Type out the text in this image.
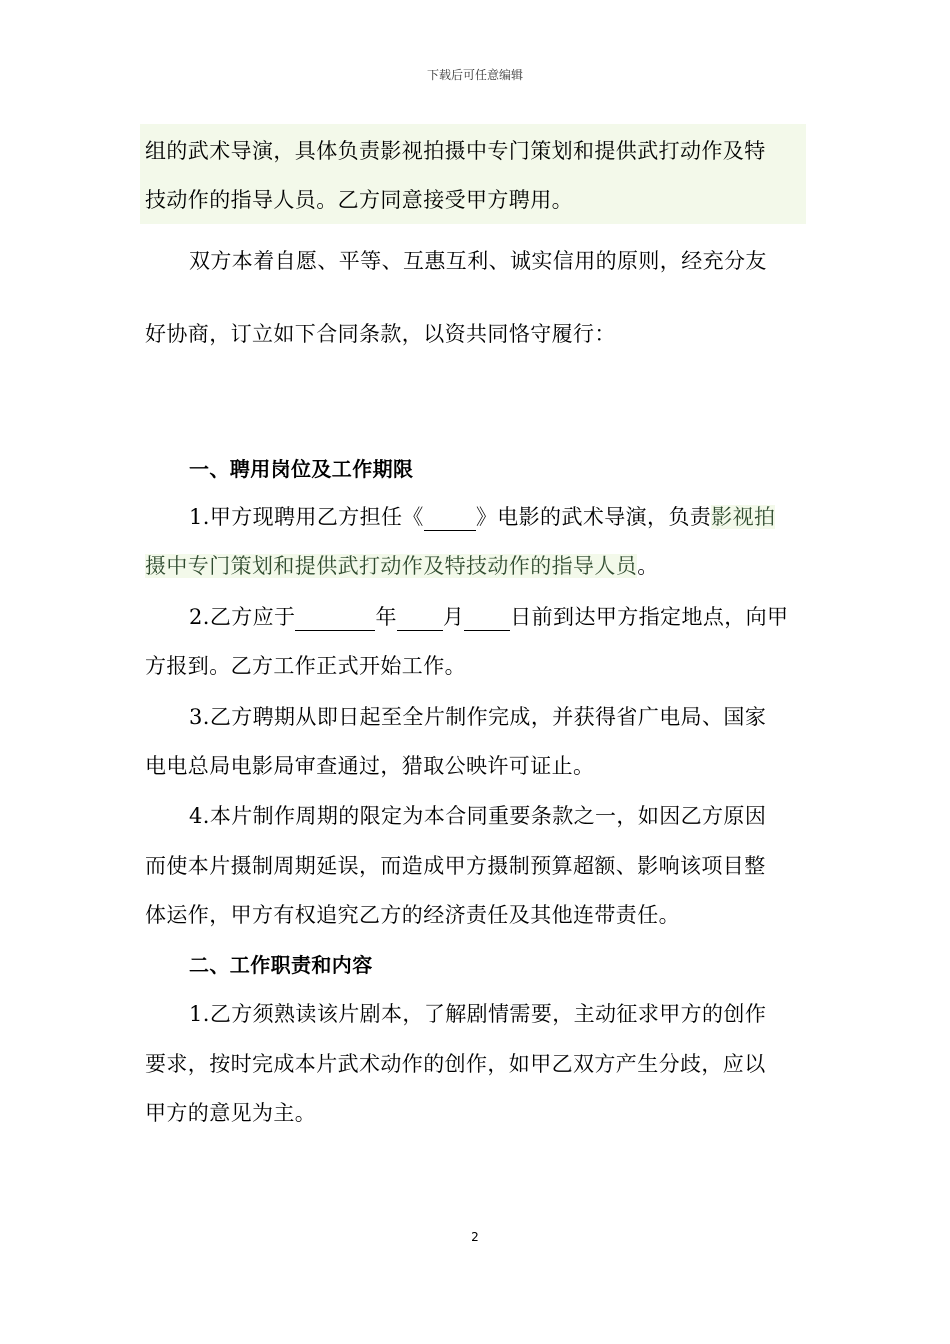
下载后可任意编辑
组的武术导演，具体负责影视拍摄中专门策划和提供武打动作及特
技动作的指导人员。乙方同意接受甲方聘用。
双方本着自愿、平等、互惠互利、诚实信用的原则，经充分友
好协商，订立如下合同条款，以资共同恪守履行：
一、聘用岗位及工作期限
1.甲方现聘用乙方担任《 》电影的武术导演，负责影视拍
摄中专门策划和提供武打动作及特技动作的指导人员。
2.乙方应于	年 月 日前到达甲方指定地点，向甲
方报到。乙方工作正式开始工作。
3.乙方聘期从即日起至全片制作完成，并获得省广电局、国家
电电总局电影局审查通过，猎取公映许可证止。
4.本片制作周期的限定为本合同重要条款之一，如因乙方原因
而使本片摄制周期延误，而造成甲方摄制预算超额、影响该项目整
体运作，甲方有权追究乙方的经济责任及其他连带责任。
二、工作职责和内容
1.乙方须熟读该片剧本，了解剧情需要，主动征求甲方的创作
要求，按时完成本片武术动作的创作，如甲乙双方产生分歧，应以
甲方的意见为主。
2
